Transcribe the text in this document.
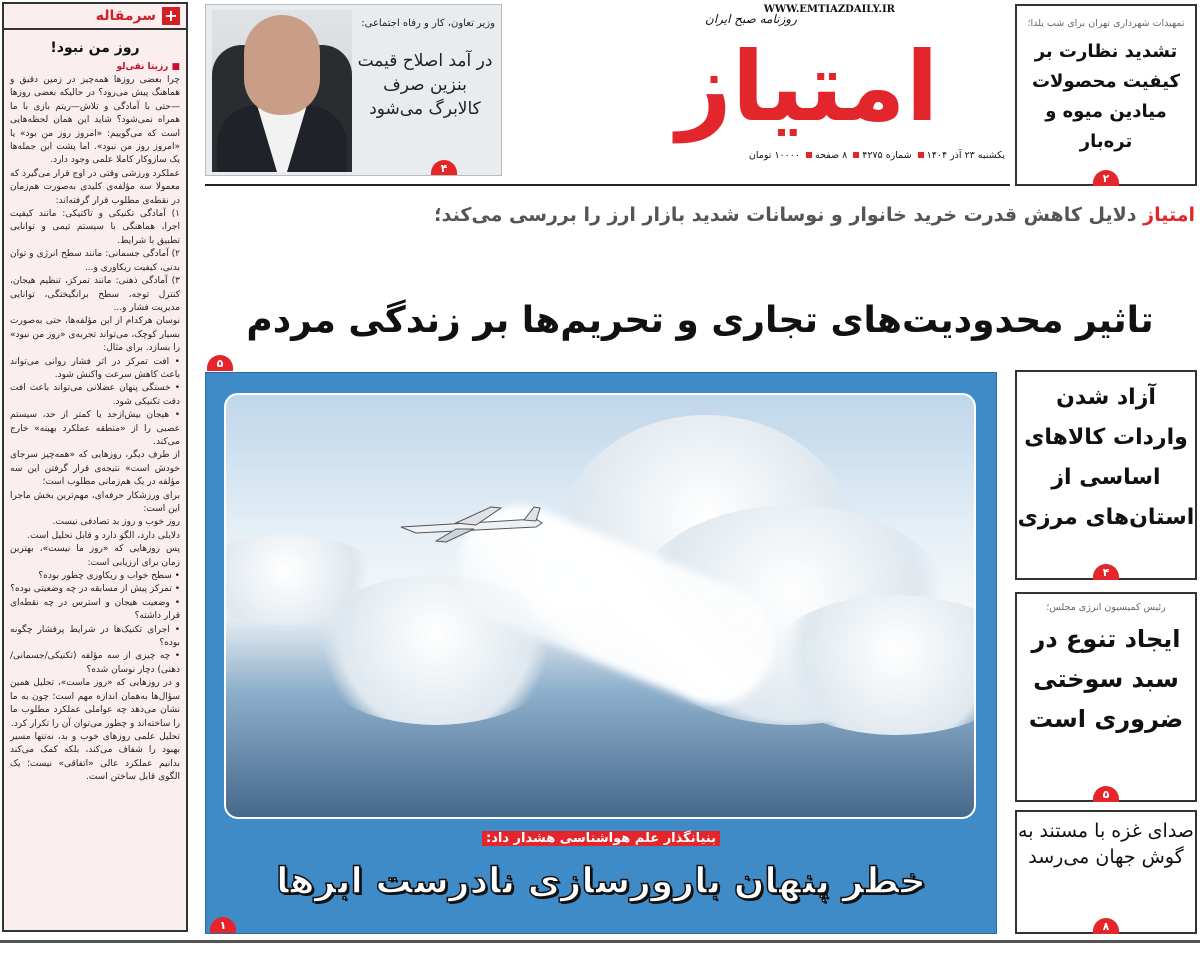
+
سرمقاله
روز من نبود!
■ رزیتا نقی‌لو

چرا بعضی روزها همه‌چیز در زمین دقیق و هماهنگ پیش می‌رود؟ در حالیکه بعضی روزها—حتی با آمادگی و تلاش—ریتم بازی با ما همراه نمی‌شود؟ شاید این همان لحظه‌هایی است که می‌گوییم: «امروز روز من بود» یا «امروز روز من نبود». اما پشت این جمله‌ها یک سازوکار کاملا علمی وجود دارد.

عملکرد ورزشی وقتی در اوج قرار می‌گیرد که معمولا سه مؤلفه‌ی کلیدی به‌صورت هم‌زمان در نقطه‌ی مطلوب قرار گرفته‌اند:

۱) آمادگی تکنیکی و تاکتیکی: مانند کیفیت اجرا، هماهنگی با سیستم تیمی و توانایی تطبیق با شرایط.

۲) آمادگی جسمانی: مانند سطح انرژی و توان بدنی، کیفیت ریکاوری و...

۳) آمادگی ذهنی: مانند تمرکز، تنظیم هیجان، کنترل توجه، سطح برانگیختگی، توانایی مدیریت فشار و...

نوسان هرکدام از این مؤلفه‌ها، حتی به‌صورت بسیار کوچک، می‌تواند تجربه‌ی «روز من نبود» را بسازد. برای مثال:

• افت تمرکز در اثر فشار روانی می‌تواند باعث کاهش سرعت واکنش شود.

• خستگی پنهان عضلانی می‌تواند باعث افت دقت تکنیکی شود.

• هیجان بیش‌ازحد یا کمتر از حد، سیستم عصبی را از «منطقه عملکرد بهینه» خارج می‌کند.

از طرف دیگر، روزهایی که «همه‌چیز سرجای خودش است» نتیجه‌ی قرار گرفتن این سه مؤلفه در یک هم‌زمانی مطلوب است؛

برای ورزشکار حرفه‌ای، مهم‌ترین بخش ماجرا این است:

روز خوب و روز بد تصادفی نیست.

دلایلی دارد، الگو دارد و قابل تحلیل است.

پس روزهایی که «روز ما نیست»، بهترین زمان برای ارزیابی است:

• سطح خواب و ریکاوری چطور بوده؟

• تمرکز پیش از مسابقه در چه وضعیتی بوده؟

• وضعیت هیجان و استرس در چه نقطه‌ای قرار داشته؟

• اجرای تکنیک‌ها در شرایط پرفشار چگونه بوده؟

• چه چیزی از سه مؤلفه (تکنیکی/جسمانی/ذهنی) دچار نوسان شده؟

و در روزهایی که «روز ماست»، تحلیل همین سؤال‌ها به‌همان اندازه مهم است؛ چون به ما نشان می‌دهد چه عواملی عملکرد مطلوب ما را ساخته‌اند و چطور می‌توان آن را تکرار کرد.

تحلیل علمی روزهای خوب و بد، نه‌تنها مسیر بهبود را شفاف می‌کند، بلکه کمک می‌کند بدانیم عملکرد عالی «اتفاقی» نیست؛ یک الگوی قابل ساختن است.

وزیر تعاون، کار و رفاه اجتماعی:
در آمد اصلاح قیمت بنزین صرف کالابرگ می‌شود
۴
امتیاز
WWW.EMTIAZDAILY.IR
روزنامه صبح ایران
یکشنبه ۲۳ آذر ۱۴۰۴ شماره ۴۲۷۵ ۸ صفحه ۱۰۰۰۰ تومان
تمهیدات شهرداری تهران برای شب یلدا؛
تشدید نظارت بر کیفیت محصولات میادین میوه و تره‌بار
۲
امتیاز دلایل کاهش قدرت خرید خانوار و نوسانات شدید بازار ارز را بررسی می‌کند؛
تاثیر محدودیت‌های تجاری و تحریم‌ها بر زندگی مردم
۵
بنیانگذار علم هواشناسی هشدار داد:
خطر پنهان بارورسازی نادرست ابرها
۱
آزاد شدن واردات کالاهای اساسی از استان‌های مرزی
۴
رئیس کمیسیون انرژی مجلس؛
ایجاد تنوع در سبد سوختی ضروری است
۵
صدای غزه با مستند به گوش جهان می‌رسد
۸
